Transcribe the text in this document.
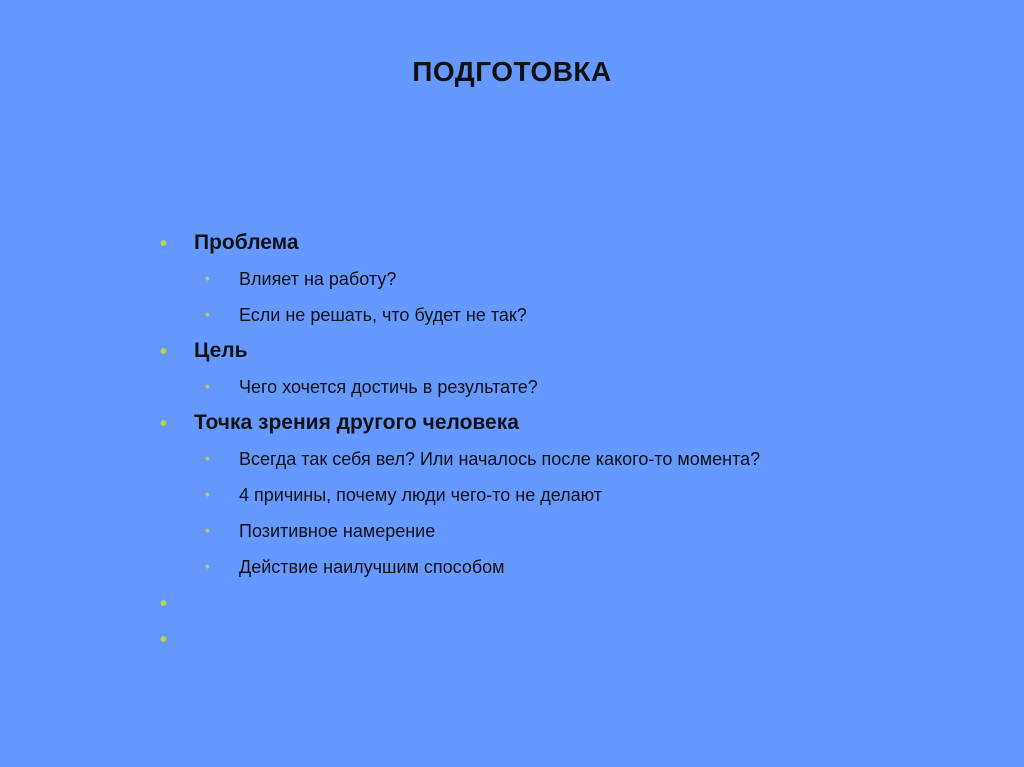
ПОДГОТОВКА
• Проблема
• Влияет на работу?
• Если не решать, что будет не так?
• Цель
• Чего хочется достичь в результате?
• Точка зрения другого человека
• Всегда так себя вел? Или началось после какого-то момента?
• 4 причины, почему люди чего-то не делают
• Позитивное намерение
• Действие наилучшим способом
•
•
